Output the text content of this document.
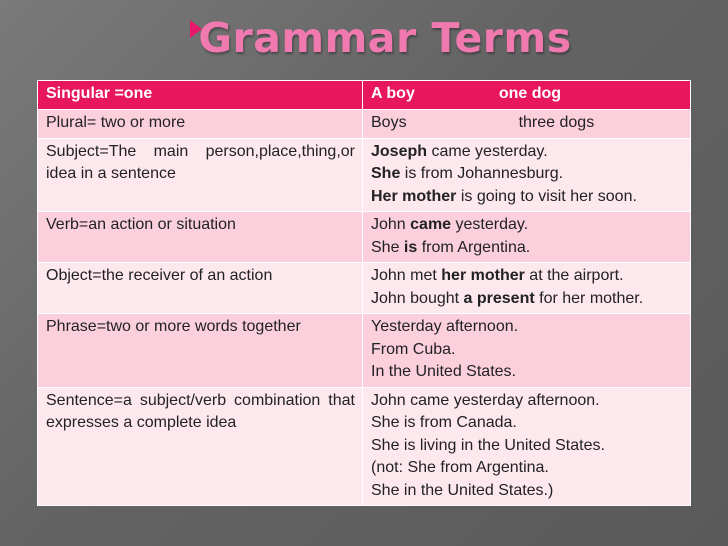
Grammar Terms
Singular =one	A boy one dog
Plural= two or more	Boys three dogs
Subject=The main person,place,thing,or idea in a sentence	Joseph came yesterday.
She is from Johannesburg.
Her mother is going to visit her soon.

Verb=an action or situation	John came yesterday.
She is from Argentina.

Object=the receiver of an action	John met her mother at the airport.
John bought a present for her mother.

Phrase=two or more words together	Yesterday afternoon.
From Cuba.
In the United States.

Sentence=a subject/verb combination that expresses a complete idea	John came yesterday afternoon.
She is from Canada.
She is living in the United States.
(not: She from Argentina.
She in the United States.)
